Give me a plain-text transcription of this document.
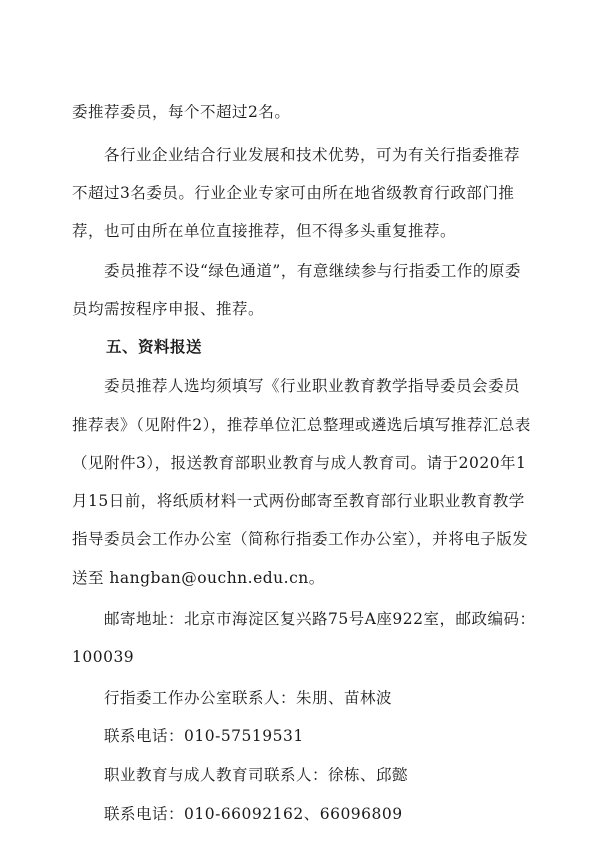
委推荐委员，每个不超过2名。
各行业企业结合行业发展和技术优势，可为有关行指委推荐
不超过3名委员。行业企业专家可由所在地省级教育行政部门推
荐，也可由所在单位直接推荐，但不得多头重复推荐。
委员推荐不设“绿色通道”，有意继续参与行指委工作的原委
员均需按程序申报、推荐。
五、资料报送
委员推荐人选均须填写《行业职业教育教学指导委员会委员
推荐表》（见附件2），推荐单位汇总整理或遴选后填写推荐汇总表
（见附件3），报送教育部职业教育与成人教育司。请于2020年1
月15日前，将纸质材料一式两份邮寄至教育部行业职业教育教学
指导委员会工作办公室（简称行指委工作办公室），并将电子版发
送至 hangban@ouchn.edu.cn。
邮寄地址：北京市海淀区复兴路75号A座922室，邮政编码：
100039
行指委工作办公室联系人：朱朋、苗林波
联系电话：010-57519531
职业教育与成人教育司联系人：徐栋、邱懿
联系电话：010-66092162、66096809
